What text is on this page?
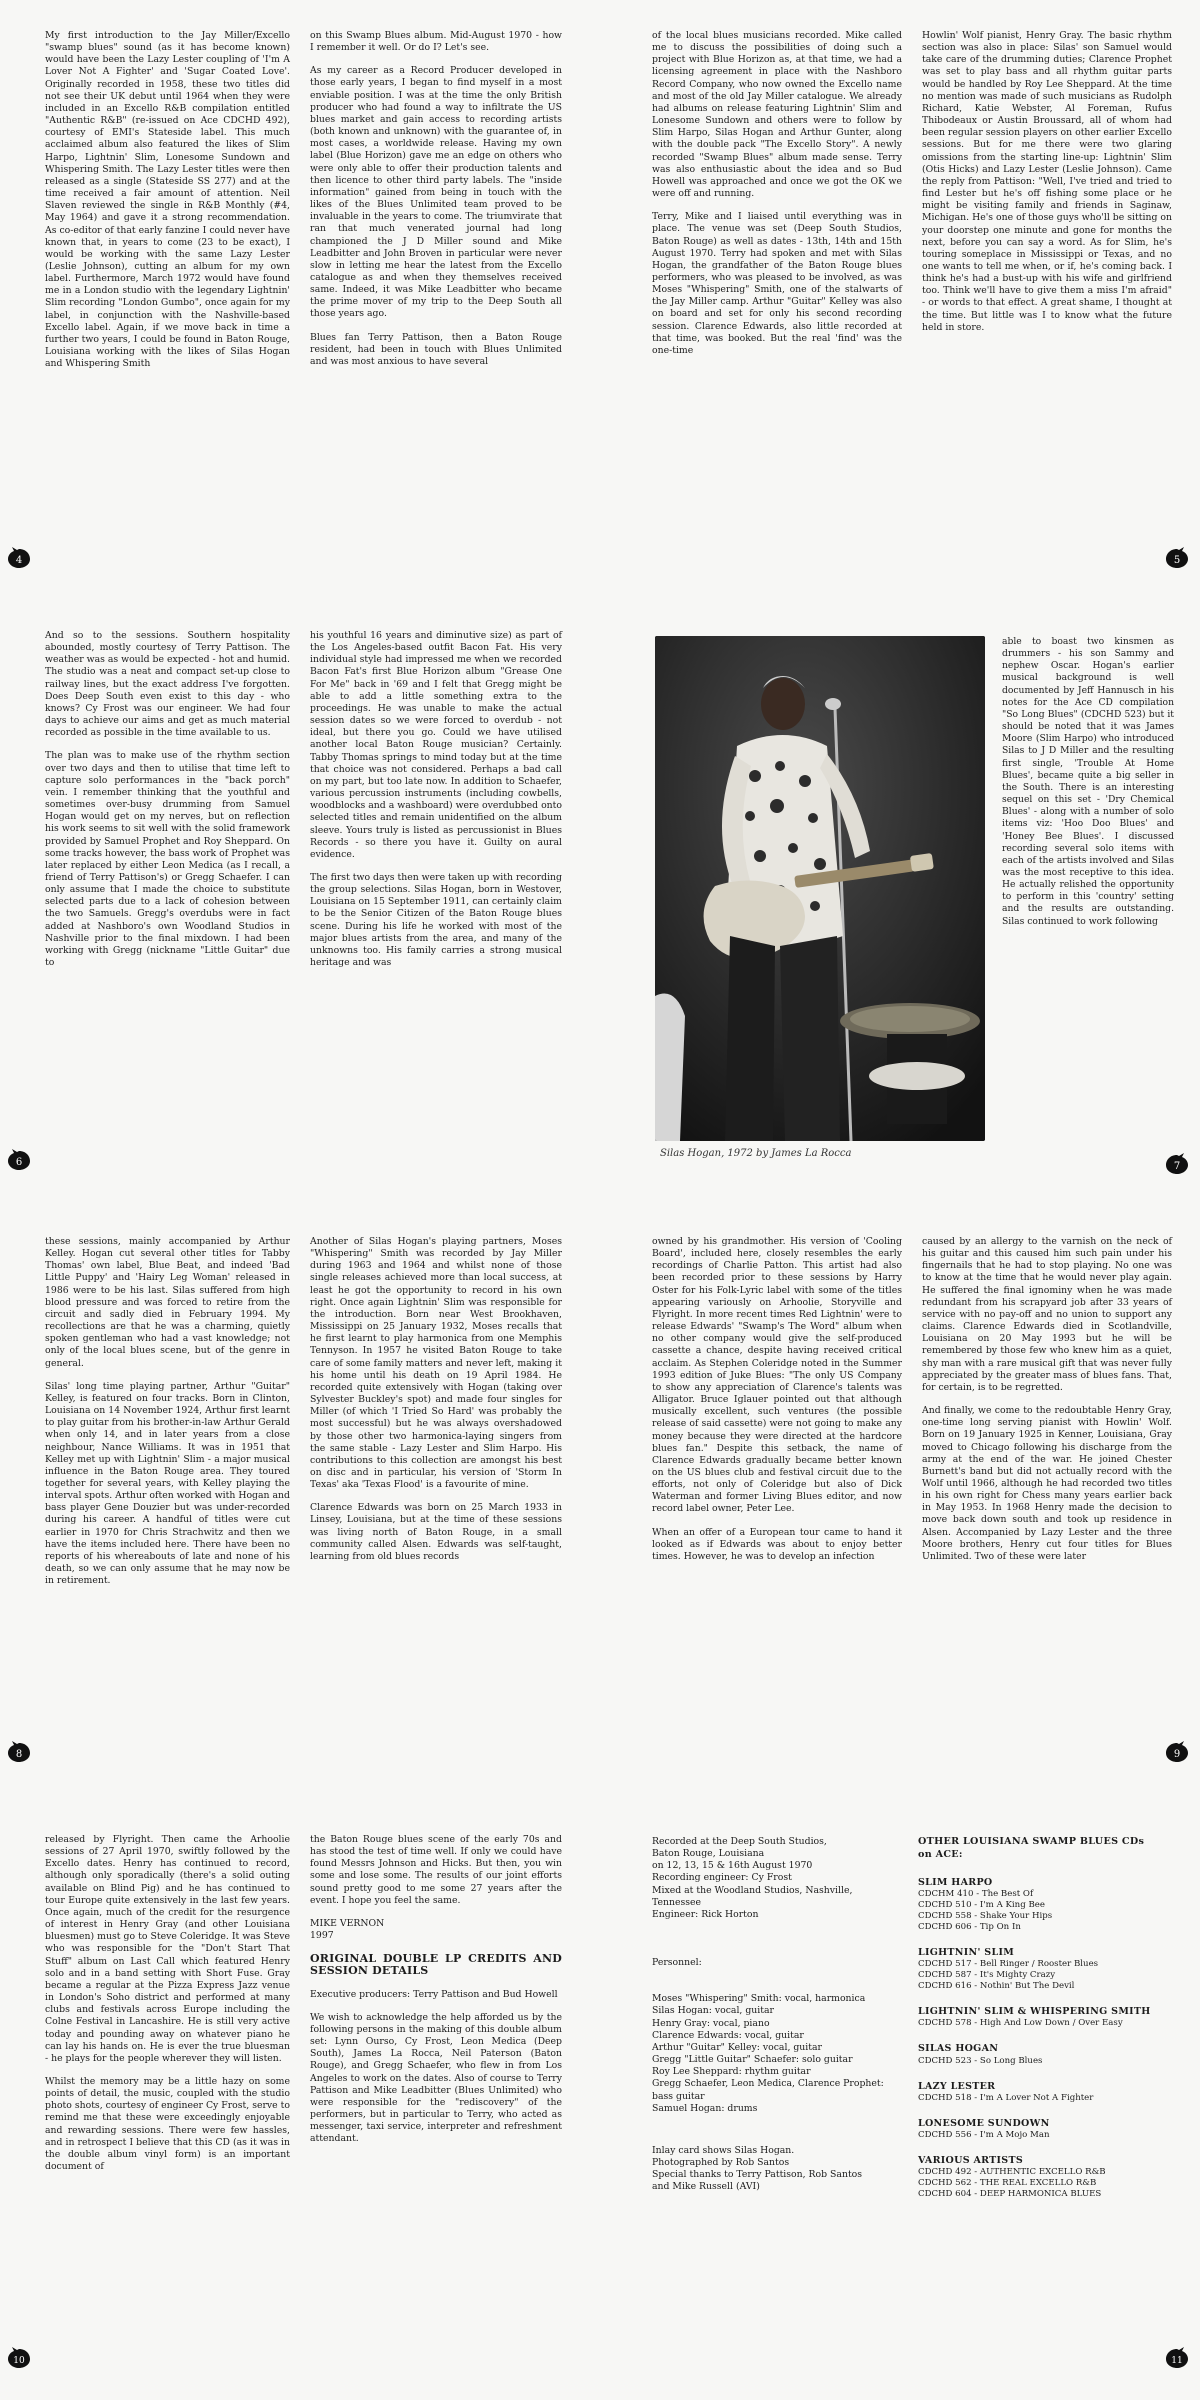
My first introduction to the Jay Miller/Excello "swamp blues" sound (as it has become known) would have been the Lazy Lester coupling of 'I'm A Lover Not A Fighter' and 'Sugar Coated Love'. Originally recorded in 1958, these two titles did not see their UK debut until 1964 when they were included in an Excello R&B compilation entitled "Authentic R&B" (re-issued on Ace CDCHD 492), courtesy of EMI's Stateside label. This much acclaimed album also featured the likes of Slim Harpo, Lightnin' Slim, Lonesome Sundown and Whispering Smith. The Lazy Lester titles were then released as a single (Stateside SS 277) and at the time received a fair amount of attention. Neil Slaven reviewed the single in R&B Monthly (#4, May 1964) and gave it a strong recommendation. As co-editor of that early fanzine I could never have known that, in years to come (23 to be exact), I would be working with the same Lazy Lester (Leslie Johnson), cutting an album for my own label. Furthermore, March 1972 would have found me in a London studio with the legendary Lightnin' Slim recording "London Gumbo", once again for my label, in conjunction with the Nashville-based Excello label. Again, if we move back in time a further two years, I could be found in Baton Rouge, Louisiana working with the likes of Silas Hogan and Whispering Smith

on this Swamp Blues album. Mid-August 1970 - how I remember it well. Or do I? Let's see.

As my career as a Record Producer developed in those early years, I began to find myself in a most enviable position. I was at the time the only British producer who had found a way to infiltrate the US blues market and gain access to recording artists (both known and unknown) with the guarantee of, in most cases, a worldwide release. Having my own label (Blue Horizon) gave me an edge on others who were only able to offer their production talents and then licence to other third party labels. The "inside information" gained from being in touch with the likes of the Blues Unlimited team proved to be invaluable in the years to come. The triumvirate that ran that much venerated journal had long championed the J D Miller sound and Mike Leadbitter and John Broven in particular were never slow in letting me hear the latest from the Excello catalogue as and when they themselves received same. Indeed, it was Mike Leadbitter who became the prime mover of my trip to the Deep South all those years ago.

Blues fan Terry Pattison, then a Baton Rouge resident, had been in touch with Blues Unlimited and was most anxious to have several

4

of the local blues musicians recorded. Mike called me to discuss the possibilities of doing such a project with Blue Horizon as, at that time, we had a licensing agreement in place with the Nashboro Record Company, who now owned the Excello name and most of the old Jay Miller catalogue. We already had albums on release featuring Lightnin' Slim and Lonesome Sundown and others were to follow by Slim Harpo, Silas Hogan and Arthur Gunter, along with the double pack "The Excello Story". A newly recorded "Swamp Blues" album made sense. Terry was also enthusiastic about the idea and so Bud Howell was approached and once we got the OK we were off and running.

Terry, Mike and I liaised until everything was in place. The venue was set (Deep South Studios, Baton Rouge) as well as dates - 13th, 14th and 15th August 1970. Terry had spoken and met with Silas Hogan, the grandfather of the Baton Rouge blues performers, who was pleased to be involved, as was Moses "Whispering" Smith, one of the stalwarts of the Jay Miller camp. Arthur "Guitar" Kelley was also on board and set for only his second recording session. Clarence Edwards, also little recorded at that time, was booked. But the real 'find' was the one-time

Howlin' Wolf pianist, Henry Gray. The basic rhythm section was also in place: Silas' son Samuel would take care of the drumming duties; Clarence Prophet was set to play bass and all rhythm guitar parts would be handled by Roy Lee Sheppard. At the time no mention was made of such musicians as Rudolph Richard, Katie Webster, Al Foreman, Rufus Thibodeaux or Austin Broussard, all of whom had been regular session players on other earlier Excello sessions. But for me there were two glaring omissions from the starting line-up: Lightnin' Slim (Otis Hicks) and Lazy Lester (Leslie Johnson). Came the reply from Pattison: "Well, I've tried and tried to find Lester but he's off fishing some place or he might be visiting family and friends in Saginaw, Michigan. He's one of those guys who'll be sitting on your doorstep one minute and gone for months the next, before you can say a word. As for Slim, he's touring someplace in Mississippi or Texas, and no one wants to tell me when, or if, he's coming back. I think he's had a bust-up with his wife and girlfriend too. Think we'll have to give them a miss I'm afraid" - or words to that effect. A great shame, I thought at the time. But little was I to know what the future held in store.

5

And so to the sessions. Southern hospitality abounded, mostly courtesy of Terry Pattison. The weather was as would be expected - hot and humid. The studio was a neat and compact set-up close to railway lines, but the exact address I've forgotten. Does Deep South even exist to this day - who knows? Cy Frost was our engineer. We had four days to achieve our aims and get as much material recorded as possible in the time available to us.

The plan was to make use of the rhythm section over two days and then to utilise that time left to capture solo performances in the "back porch" vein. I remember thinking that the youthful and sometimes over-busy drumming from Samuel Hogan would get on my nerves, but on reflection his work seems to sit well with the solid framework provided by Samuel Prophet and Roy Sheppard. On some tracks however, the bass work of Prophet was later replaced by either Leon Medica (as I recall, a friend of Terry Pattison's) or Gregg Schaefer. I can only assume that I made the choice to substitute selected parts due to a lack of cohesion between the two Samuels. Gregg's overdubs were in fact added at Nashboro's own Woodland Studios in Nashville prior to the final mixdown. I had been working with Gregg (nickname "Little Guitar" due to

his youthful 16 years and diminutive size) as part of the Los Angeles-based outfit Bacon Fat. His very individual style had impressed me when we recorded Bacon Fat's first Blue Horizon album "Grease One For Me" back in '69 and I felt that Gregg might be able to add a little something extra to the proceedings. He was unable to make the actual session dates so we were forced to overdub - not ideal, but there you go. Could we have utilised another local Baton Rouge musician? Certainly. Tabby Thomas springs to mind today but at the time that choice was not considered. Perhaps a bad call on my part, but too late now. In addition to Schaefer, various percussion instruments (including cowbells, woodblocks and a washboard) were overdubbed onto selected titles and remain unidentified on the album sleeve. Yours truly is listed as percussionist in Blues Records - so there you have it. Guilty on aural evidence.

The first two days then were taken up with recording the group selections. Silas Hogan, born in Westover, Louisiana on 15 September 1911, can certainly claim to be the Senior Citizen of the Baton Rouge blues scene. During his life he worked with most of the major blues artists from the area, and many of the unknowns too. His family carries a strong musical heritage and was

6
Silas Hogan, 1972 by James La Rocca

able to boast two kinsmen as drummers - his son Sammy and nephew Oscar. Hogan's earlier musical background is well documented by Jeff Hannusch in his notes for the Ace CD compilation "So Long Blues" (CDCHD 523) but it should be noted that it was James Moore (Slim Harpo) who introduced Silas to J D Miller and the resulting first single, 'Trouble At Home Blues', became quite a big seller in the South. There is an interesting sequel on this set - 'Dry Chemical Blues' - along with a number of solo items viz: 'Hoo Doo Blues' and 'Honey Bee Blues'. I discussed recording several solo items with each of the artists involved and Silas was the most receptive to this idea. He actually relished the opportunity to perform in this 'country' setting and the results are outstanding. Silas continued to work following

7

these sessions, mainly accompanied by Arthur Kelley. Hogan cut several other titles for Tabby Thomas' own label, Blue Beat, and indeed 'Bad Little Puppy' and 'Hairy Leg Woman' released in 1986 were to be his last. Silas suffered from high blood pressure and was forced to retire from the circuit and sadly died in February 1994. My recollections are that he was a charming, quietly spoken gentleman who had a vast knowledge; not only of the local blues scene, but of the genre in general.

Silas' long time playing partner, Arthur "Guitar" Kelley, is featured on four tracks. Born in Clinton, Louisiana on 14 November 1924, Arthur first learnt to play guitar from his brother-in-law Arthur Gerald when only 14, and in later years from a close neighbour, Nance Williams. It was in 1951 that Kelley met up with Lightnin' Slim - a major musical influence in the Baton Rouge area. They toured together for several years, with Kelley playing the interval spots. Arthur often worked with Hogan and bass player Gene Douzier but was under-recorded during his career. A handful of titles were cut earlier in 1970 for Chris Strachwitz and then we have the items included here. There have been no reports of his whereabouts of late and none of his death, so we can only assume that he may now be in retirement.

Another of Silas Hogan's playing partners, Moses "Whispering" Smith was recorded by Jay Miller during 1963 and 1964 and whilst none of those single releases achieved more than local success, at least he got the opportunity to record in his own right. Once again Lightnin' Slim was responsible for the introduction. Born near West Brookhaven, Mississippi on 25 January 1932, Moses recalls that he first learnt to play harmonica from one Memphis Tennyson. In 1957 he visited Baton Rouge to take care of some family matters and never left, making it his home until his death on 19 April 1984. He recorded quite extensively with Hogan (taking over Sylvester Buckley's spot) and made four singles for Miller (of which 'I Tried So Hard' was probably the most successful) but he was always overshadowed by those other two harmonica-laying singers from the same stable - Lazy Lester and Slim Harpo. His contributions to this collection are amongst his best on disc and in particular, his version of 'Storm In Texas' aka 'Texas Flood' is a favourite of mine.

Clarence Edwards was born on 25 March 1933 in Linsey, Louisiana, but at the time of these sessions was living north of Baton Rouge, in a small community called Alsen. Edwards was self-taught, learning from old blues records

8

owned by his grandmother. His version of 'Cooling Board', included here, closely resembles the early recordings of Charlie Patton. This artist had also been recorded prior to these sessions by Harry Oster for his Folk-Lyric label with some of the titles appearing variously on Arhoolie, Storyville and Flyright. In more recent times Red Lightnin' were to release Edwards' "Swamp's The Word" album when no other company would give the self-produced cassette a chance, despite having received critical acclaim. As Stephen Coleridge noted in the Summer 1993 edition of Juke Blues: "The only US Company to show any appreciation of Clarence's talents was Alligator. Bruce Iglauer pointed out that although musically excellent, such ventures (the possible release of said cassette) were not going to make any money because they were directed at the hardcore blues fan." Despite this setback, the name of Clarence Edwards gradually became better known on the US blues club and festival circuit due to the efforts, not only of Coleridge but also of Dick Waterman and former Living Blues editor, and now record label owner, Peter Lee.

When an offer of a European tour came to hand it looked as if Edwards was about to enjoy better times. However, he was to develop an infection

caused by an allergy to the varnish on the neck of his guitar and this caused him such pain under his fingernails that he had to stop playing. No one was to know at the time that he would never play again. He suffered the final ignominy when he was made redundant from his scrapyard job after 33 years of service with no pay-off and no union to support any claims. Clarence Edwards died in Scotlandville, Louisiana on 20 May 1993 but he will be remembered by those few who knew him as a quiet, shy man with a rare musical gift that was never fully appreciated by the greater mass of blues fans. That, for certain, is to be regretted.

And finally, we come to the redoubtable Henry Gray, one-time long serving pianist with Howlin' Wolf. Born on 19 January 1925 in Kenner, Louisiana, Gray moved to Chicago following his discharge from the army at the end of the war. He joined Chester Burnett's band but did not actually record with the Wolf until 1966, although he had recorded two titles in his own right for Chess many years earlier back in May 1953. In 1968 Henry made the decision to move back down south and took up residence in Alsen. Accompanied by Lazy Lester and the three Moore brothers, Henry cut four titles for Blues Unlimited. Two of these were later

9

released by Flyright. Then came the Arhoolie sessions of 27 April 1970, swiftly followed by the Excello dates. Henry has continued to record, although only sporadically (there's a solid outing available on Blind Pig) and he has continued to tour Europe quite extensively in the last few years. Once again, much of the credit for the resurgence of interest in Henry Gray (and other Louisiana bluesmen) must go to Steve Coleridge. It was Steve who was responsible for the "Don't Start That Stuff" album on Last Call which featured Henry solo and in a band setting with Short Fuse. Gray became a regular at the Pizza Express Jazz venue in London's Soho district and performed at many clubs and festivals across Europe including the Colne Festival in Lancashire. He is still very active today and pounding away on whatever piano he can lay his hands on. He is ever the true bluesman - he plays for the people wherever they will listen.

Whilst the memory may be a little hazy on some points of detail, the music, coupled with the studio photo shots, courtesy of engineer Cy Frost, serve to remind me that these were exceedingly enjoyable and rewarding sessions. There were few hassles, and in retrospect I believe that this CD (as it was in the double album vinyl form) is an important document of

the Baton Rouge blues scene of the early 70s and has stood the test of time well. If only we could have found Messrs Johnson and Hicks. But then, you win some and lose some. The results of our joint efforts sound pretty good to me some 27 years after the event. I hope you feel the same.

MIKE VERNON

1997

ORIGINAL DOUBLE LP CREDITS AND SESSION DETAILS

Executive producers: Terry Pattison and Bud Howell

We wish to acknowledge the help afforded us by the following persons in the making of this double album set: Lynn Ourso, Cy Frost, Leon Medica (Deep South), James La Rocca, Neil Paterson (Baton Rouge), and Gregg Schaefer, who flew in from Los Angeles to work on the dates. Also of course to Terry Pattison and Mike Leadbitter (Blues Unlimited) who were responsible for the "rediscovery" of the performers, but in particular to Terry, who acted as messenger, taxi service, interpreter and refreshment attendant.

10
Recorded at the Deep South Studios,
Baton Rouge, Louisiana
on 12, 13, 15 & 16th August 1970
Recording engineer: Cy Frost
Mixed at the Woodland Studios, Nashville,
Tennessee
Engineer: Rick Horton
Personnel:
Moses "Whispering" Smith: vocal, harmonica
Silas Hogan: vocal, guitar
Henry Gray: vocal, piano
Clarence Edwards: vocal, guitar
Arthur "Guitar" Kelley: vocal, guitar
Gregg "Little Guitar" Schaefer: solo guitar
Roy Lee Sheppard: rhythm guitar
Gregg Schaefer, Leon Medica, Clarence Prophet:
bass guitar
Samuel Hogan: drums
Inlay card shows Silas Hogan.
Photographed by Rob Santos
Special thanks to Terry Pattison, Rob Santos
and Mike Russell (AVI)
OTHER LOUISIANA SWAMP BLUES CDs on ACE:
SLIM HARPO
CDCHM 410 - The Best Of
CDCHD 510 - I'm A King Bee
CDCHD 558 - Shake Your Hips
CDCHD 606 - Tip On In
LIGHTNIN' SLIM
CDCHD 517 - Bell Ringer / Rooster Blues
CDCHD 587 - It's Mighty Crazy
CDCHD 616 - Nothin' But The Devil
LIGHTNIN' SLIM & WHISPERING SMITH
CDCHD 578 - High And Low Down / Over Easy
SILAS HOGAN
CDCHD 523 - So Long Blues
LAZY LESTER
CDCHD 518 - I'm A Lover Not A Fighter
LONESOME SUNDOWN
CDCHD 556 - I'm A Mojo Man
VARIOUS ARTISTS
CDCHD 492 - AUTHENTIC EXCELLO R&B
CDCHD 562 - THE REAL EXCELLO R&B
CDCHD 604 - DEEP HARMONICA BLUES
11
